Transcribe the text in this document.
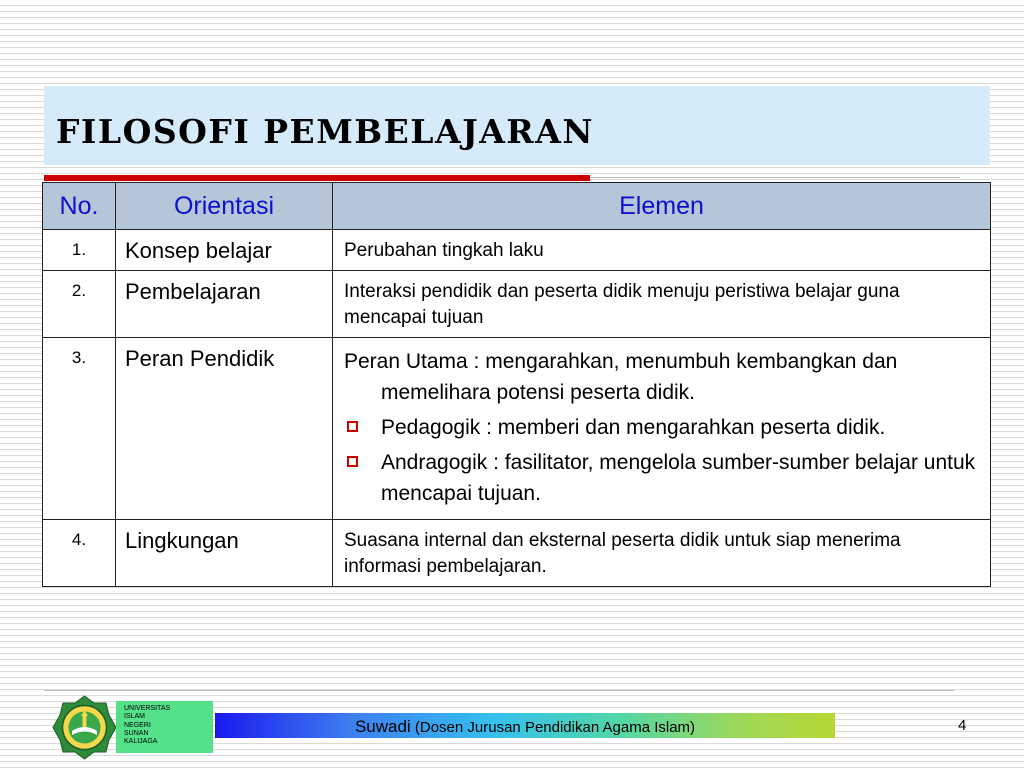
FILOSOFI PEMBELAJARAN
No.	Orientasi	Elemen
1.	Konsep belajar	Perubahan tingkah laku
2.	Pembelajaran	Interaksi pendidik dan peserta didik menuju peristiwa belajar guna mencapai tujuan
3.	Peran Pendidik	Peran Utama : mengarahkan, menumbuh kembangkan dan memelihara potensi peserta didik.

Pedagogik : memberi dan mengarahkan peserta didik.
Andragogik : fasilitator, mengelola sumber-sumber belajar untuk mencapai tujuan.

4.	Lingkungan	Suasana internal dan eksternal peserta didik untuk siap menerima informasi pembelajaran.
UNIVERSITAS
ISLAM
NEGERI
SUNAN
KALIJAGA
Suwadi (Dosen Jurusan Pendidikan Agama Islam)	4
